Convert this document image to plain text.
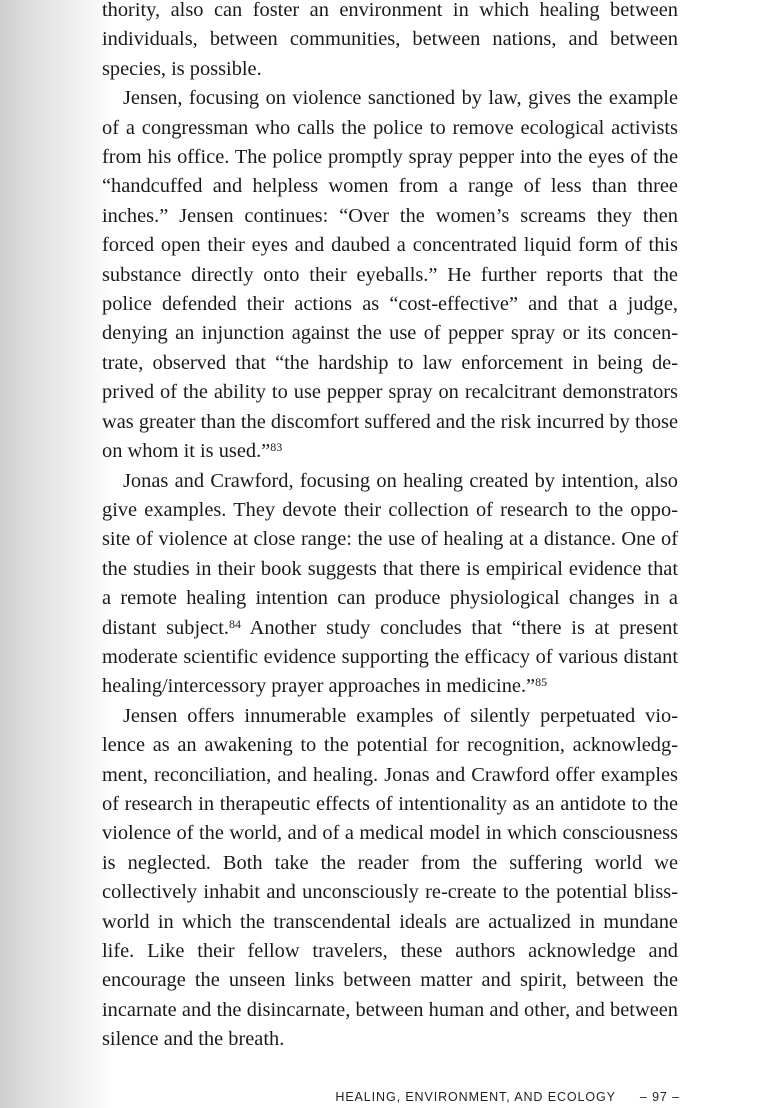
thority, also can foster an environment in which healing between individuals, between communities, between nations, and between species, is possible.

Jensen, focusing on violence sanctioned by law, gives the example of a congressman who calls the police to remove ecological activists from his office. The police promptly spray pepper into the eyes of the “handcuffed and helpless women from a range of less than three inches.” Jensen continues: “Over the women’s screams they then forced open their eyes and daubed a concentrated liquid form of this substance directly onto their eyeballs.” He further reports that the police defended their actions as “cost-effective” and that a judge, denying an injunction against the use of pepper spray or its concentrate, observed that “the hardship to law enforcement in being deprived of the ability to use pepper spray on recalcitrant demonstrators was greater than the discomfort suffered and the risk incurred by those on whom it is used.”$^{83}$

Jonas and Crawford, focusing on healing created by intention, also give examples. They devote their collection of research to the opposite of violence at close range: the use of healing at a distance. One of the studies in their book suggests that there is empirical evidence that a remote healing intention can produce physiological changes in a distant subject.$^{84}$ Another study concludes that “there is at present moderate scientific evidence supporting the efficacy of various distant healing/intercessory prayer approaches in medicine.”$^{85}$

Jensen offers innumerable examples of silently perpetuated violence as an awakening to the potential for recognition, acknowledgment, reconciliation, and healing. Jonas and Crawford offer examples of research in therapeutic effects of intentionality as an antidote to the violence of the world, and of a medical model in which consciousness is neglected. Both take the reader from the suffering world we collectively inhabit and unconsciously re-create to the potential bliss-world in which the transcendental ideals are actualized in mundane life. Like their fellow travelers, these authors acknowledge and encourage the unseen links between matter and spirit, between the incarnate and the disincarnate, between human and other, and between silence and the breath.

HEALING, ENVIRONMENT, AND ECOLOGY – 97 –
